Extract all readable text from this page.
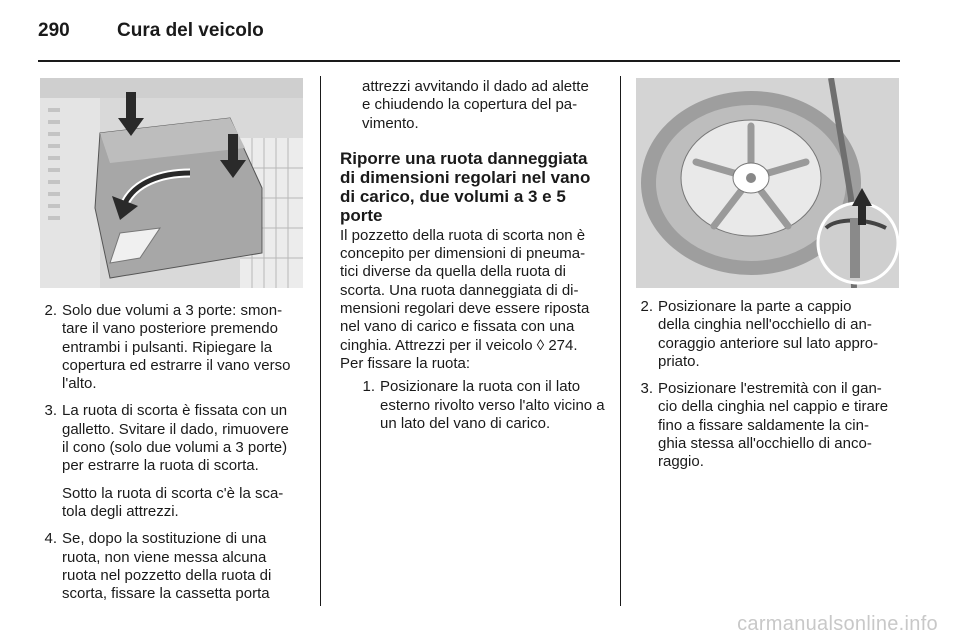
290 Cura del veicolo
2. Solo due volumi a 3 porte: smon-
tare il vano posteriore premendo
entrambi i pulsanti. Ripiegare la
copertura ed estrarre il vano verso
l'alto.
3. La ruota di scorta è fissata con un
galletto. Svitare il dado, rimuovere
il cono (solo due volumi a 3 porte)
per estrarre la ruota di scorta.
Sotto la ruota di scorta c'è la sca-
tola degli attrezzi.
4. Se, dopo la sostituzione di una
ruota, non viene messa alcuna
ruota nel pozzetto della ruota di
scorta, fissare la cassetta porta
attrezzi avvitando il dado ad alette
e chiudendo la copertura del pa-
vimento.
Riporre una ruota danneggiata
di dimensioni regolari nel vano
di carico, due volumi a 3 e 5
porte
Il pozzetto della ruota di scorta non è
concepito per dimensioni di pneuma-
tici diverse da quella della ruota di
scorta. Una ruota danneggiata di di-
mensioni regolari deve essere riposta
nel vano di carico e fissata con una
cinghia. Attrezzi per il veicolo ◊ 274.
Per fissare la ruota:
1. Posizionare la ruota con il lato
esterno rivolto verso l'alto vicino a
un lato del vano di carico.
2. Posizionare la parte a cappio
della cinghia nell'occhiello di an-
coraggio anteriore sul lato appro-
priato.
3. Posizionare l'estremità con il gan-
cio della cinghia nel cappio e tirare
fino a fissare saldamente la cin-
ghia stessa all'occhiello di anco-
raggio.
carmanualsonline.info
